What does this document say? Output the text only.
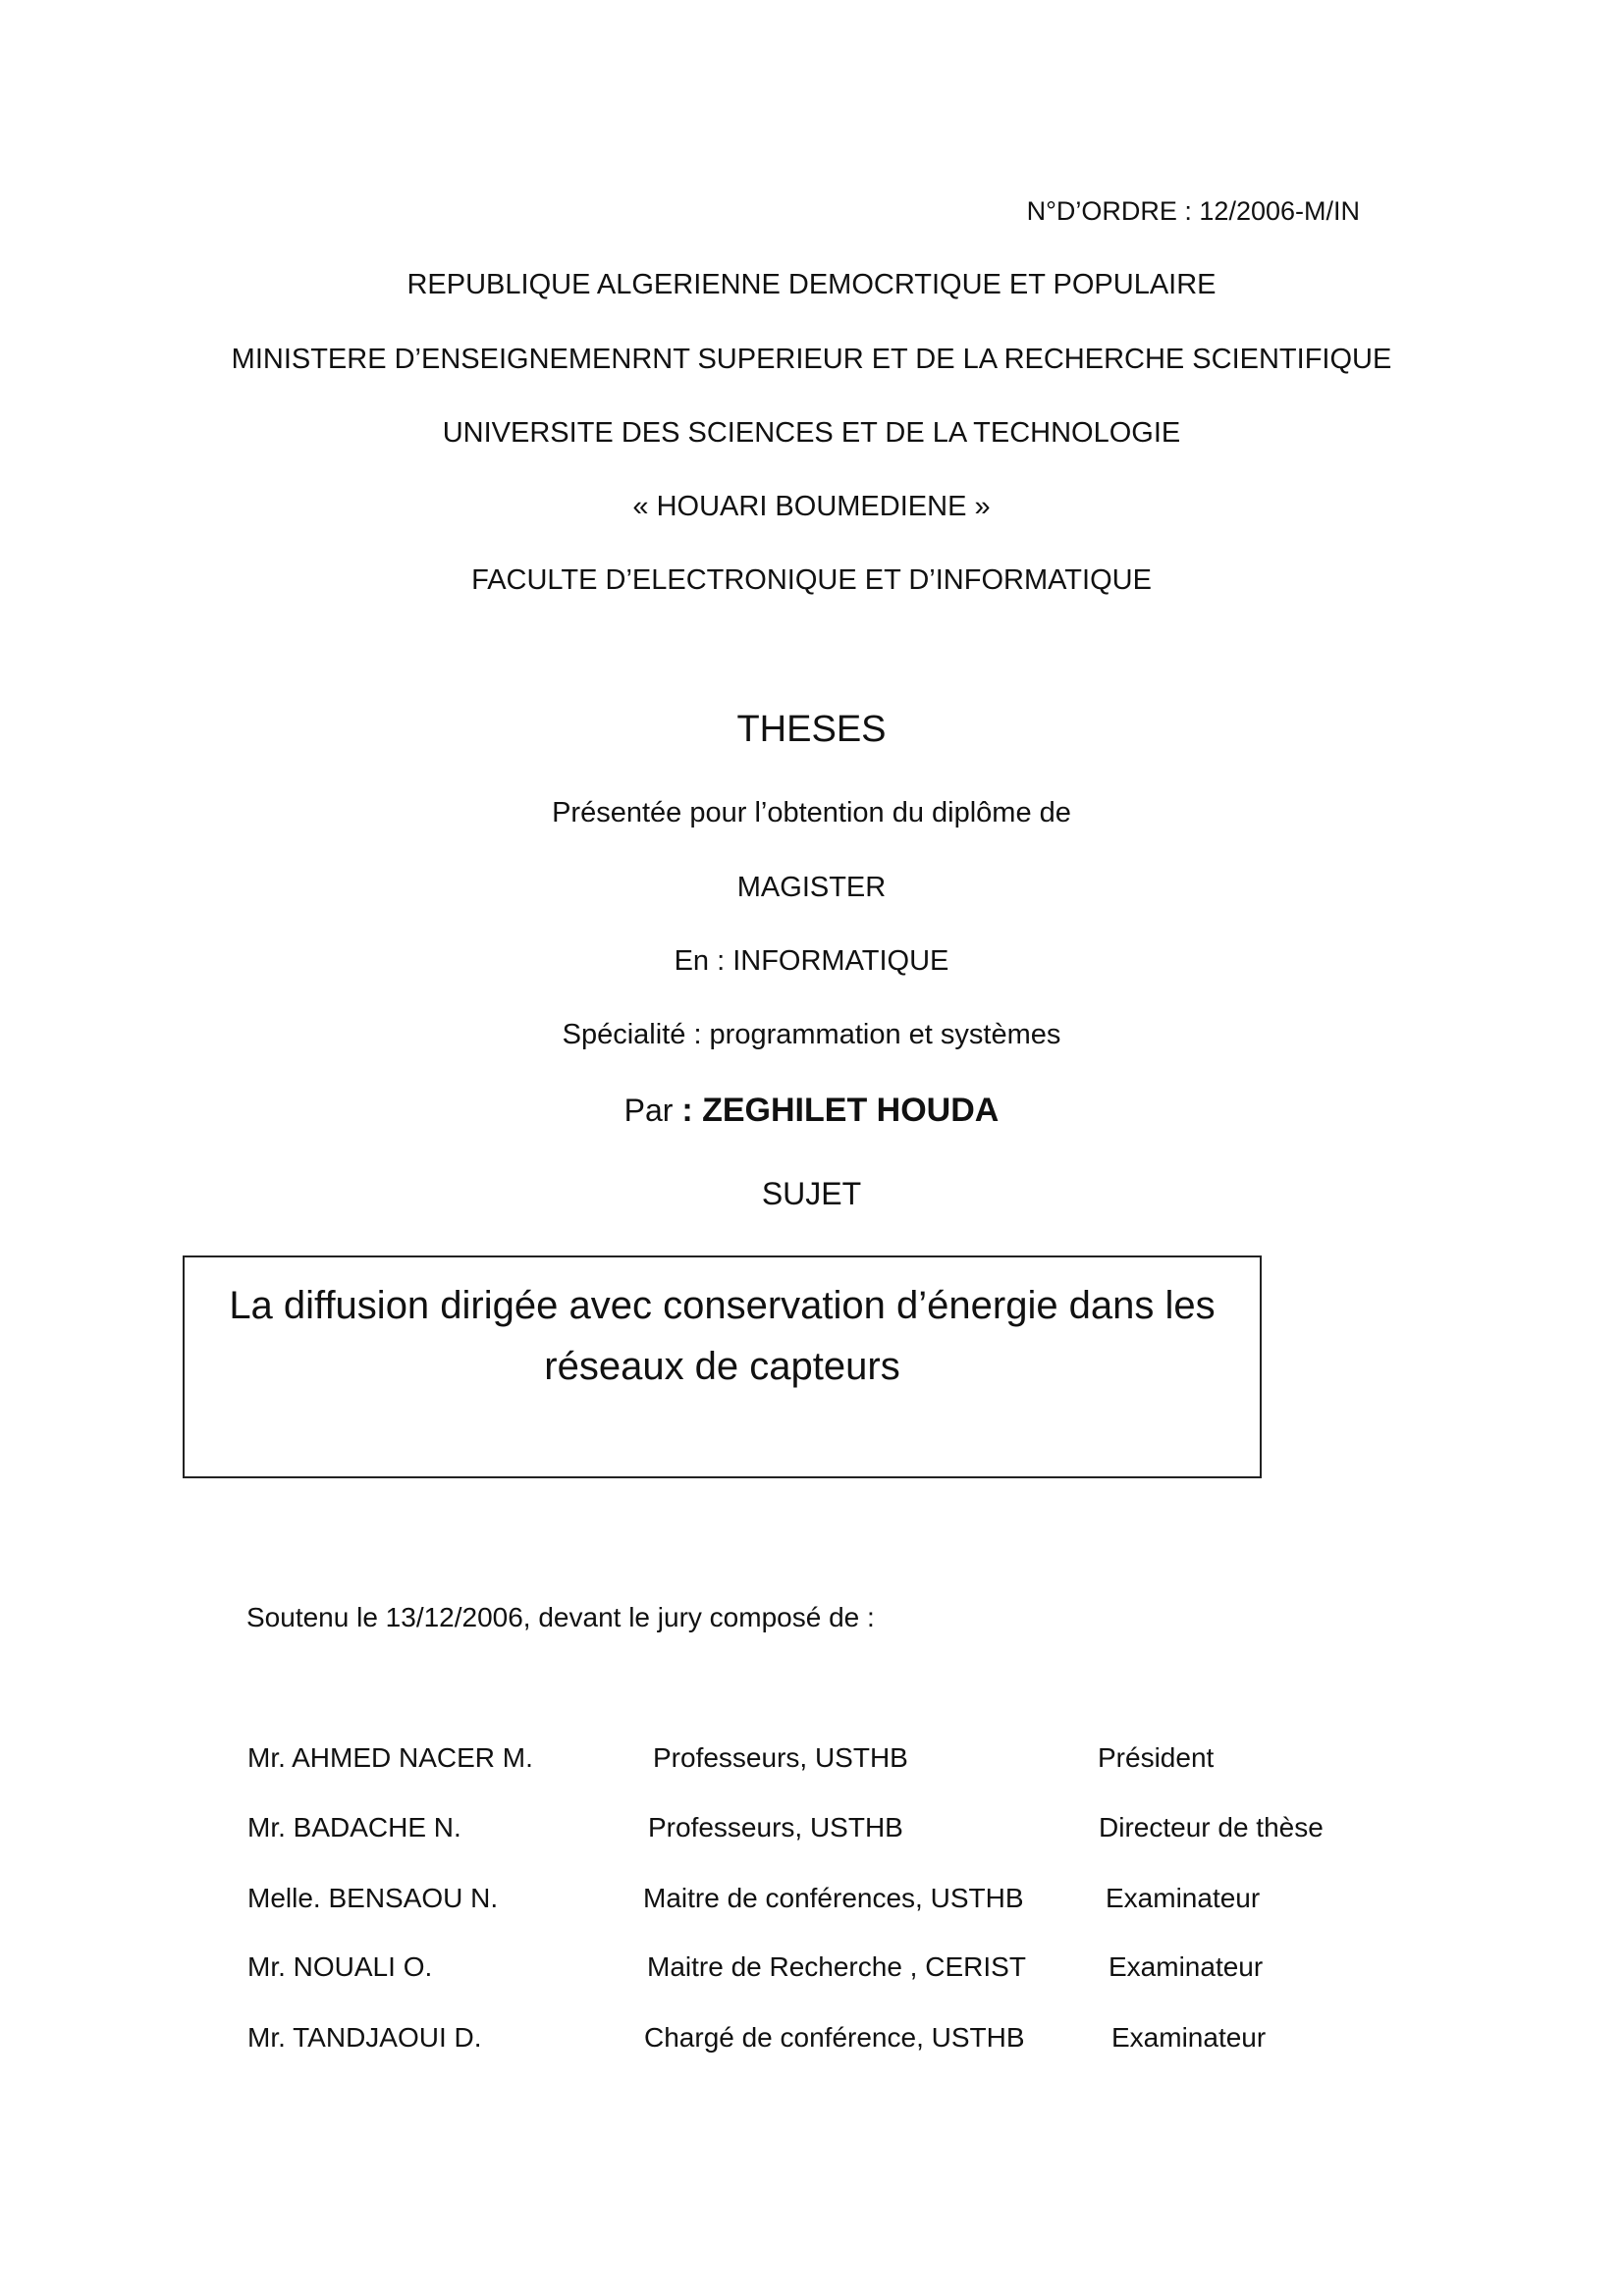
N°D’ORDRE : 12/2006-M/IN
REPUBLIQUE ALGERIENNE DEMOCRTIQUE ET POPULAIRE
MINISTERE D’ENSEIGNEMENRNT SUPERIEUR ET DE LA RECHERCHE SCIENTIFIQUE
UNIVERSITE DES SCIENCES ET DE LA TECHNOLOGIE
« HOUARI BOUMEDIENE »
FACULTE D’ELECTRONIQUE ET D’INFORMATIQUE
THESES
Présentée pour l’obtention du diplôme de
MAGISTER
En : INFORMATIQUE
Spécialité : programmation et systèmes
Par : ZEGHILET HOUDA
SUJET
La diffusion dirigée avec conservation d’énergie dans les réseaux de capteurs
Soutenu le 13/12/2006, devant le jury composé de :
Mr. AHMED NACER M.	Professeurs, USTHB	Président
Mr. BADACHE N.	Professeurs, USTHB	Directeur de thèse
Melle. BENSAOU N.	Maitre de conférences, USTHB	Examinateur
Mr. NOUALI O.	Maitre de Recherche , CERIST	Examinateur
Mr. TANDJAOUI D.	Chargé de conférence, USTHB	Examinateur
